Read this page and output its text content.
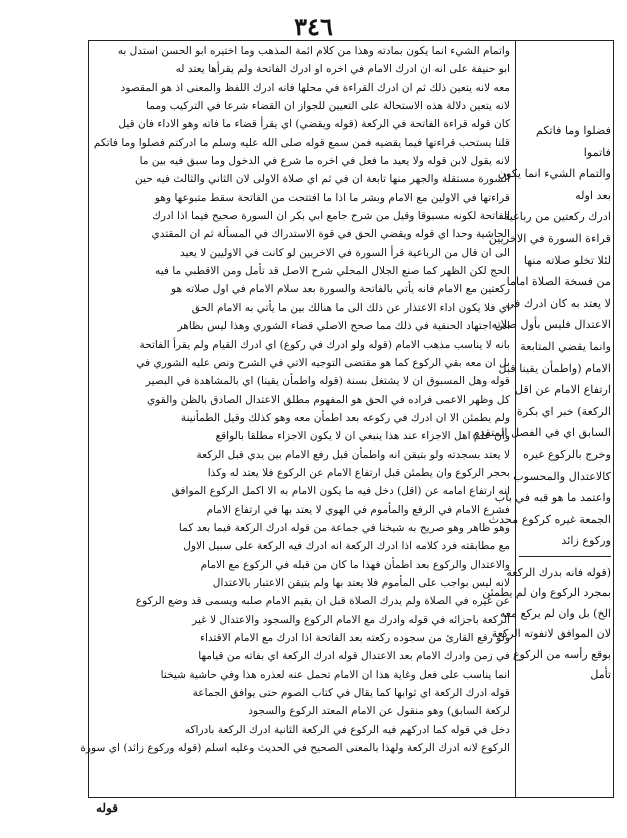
٣٤٦
واتمام الشيء انما يكون بمادته وهذا من كلام ائمة المذهب وما اختيره ابو الحسن استدل به
ابو حنيفة على انه ان ادرك الامام في اخره او ادرك الفاتحة ولم يقرأها يعتد له
معه لانه يتعين ذلك ثم ان ادرك القراءة في محلها فانه ادرك اللفظ والمعنى اذ هو المقصود
لانه يتعين دلالة هذه الاستحالة على التعيين للجواز ان القضاء شرعا في التركيب ومما
كان قوله قراءة الفاتحة في الركعة (قوله ويقضي) اي يقرأ قضاء ما فاته وهو الاداء فان قيل
قلنا يستحب قراءتها فيما يقضيه فمن سمع قوله صلى الله عليه وسلم ما ادركتم فصلوا وما فاتكم
لانه يقول لابن قوله ولا يعيد ما فعل في اخره ما شرع في الدخول وما سبق فيه بين ما
السورة مستقلة والجهر منها تابعة ان في ثم اي صلاة الاولى لان الثاني والثالث فيه حين
قراءتها في الاولين مع الامام وبشر ما اذا ما افتتحت من الفاتحة سقط متبوعها وهو
الفاتحة لكونه مسبوقا وقيل من شرح جامع ابي بكر ان السورة صحيح فيما اذا ادرك
الحاشية وحدا اي قوله ويقضي الحق في قوة الاستدراك في المسألة ثم ان المقتدي
الى ان قال من الرباعية قرأ السورة في الاخريين لو كانت في الاوليين لا يعيد
الحج لكن الظهر كما صنع الجلال المحلي شرح الاصل قد تأمل ومن الاقطبي ما فيه
ركعتين مع الامام فانه يأتي بالفاتحة والسورة بعد سلام الامام في اول صلاته هو
اي فلا يكون اداء الاعتذار عن ذلك الى ما هنالك بين ما يأتي به الامام الحق
الى اجتهاد الحنفية في ذلك مما صحح الاصلي قضاء الشوري وهذا ليس بظاهر
بانه لا يناسب مذهب الامام (قوله ولو ادرك في ركوع) اي ادرك القيام ولم يقرأ الفاتحة
بل ان معه بقي الركوع كما هو مقتضى التوجيه الاتي في الشرح ونص عليه الشوري في
قوله وهل المسبوق ان لا يشتغل بسنة (قوله واطمأن يقينا) اي بالمشاهدة في البصير
كل وظهر الاعمى فراده في الحق هو المفهوم مطلق الاعتدال الصادق بالظن والقوي
ولم يطمئن الا ان ادرك في ركوعه بعد اطمأن معه وهو كذلك وقيل الطمأنينة
وان علم اهل الاجزاء عند هذا ينبغي ان لا يكون الاجزاء مطلقا بالواقع
لا يعتد بسجدته ولو بتيقن انه واطمأن قبل رفع الامام بين يدي قبل الركعة
بحجر الركوع وان يطمئن قبل ارتفاع الامام عن الركوع فلا يعتد له وكذا
انه ارتفاع امامه عن (اقل) دخل فيه ما يكون الامام به الا اكمل الركوع الموافق
فشرع الامام في الرفع والمأموم في الهوي لا يعتد بها في ارتفاع الامام
وهو ظاهر وهو صريح به شيخنا في جماعة من قوله ادرك الركعة فيما بعد كما
مع مطابقته فرد كلامه اذا ادرك الركعة انه ادرك فيه الركعة على سبيل الاول
والاعتدال والركوع بعد اطمأن فهذا ما كان من قبله في الركوع مع الامام
لانه ليس بواجب على المأموم فلا يعتد بها ولم يتيقن الاعتبار بالاعتدال
عن غيره في الصلاة ولم يدرك الصلاة قبل ان يقيم الامام صلبه ويسمى قد وضع الركوع
الركعة باجزائه في قوله وادرك مع الامام الركوع والسجود والاعتدال لا غير
ولو رفع القارئ من سجوده ركعته بعد الفاتحة اذا ادرك مع الامام الاقتداء
في زمن وادرك الامام بعد الاعتدال قوله ادرك الركعة اي بفاته من قيامها
انما يناسب على فعل وغاية هذا ان الامام تحمل عنه لعذره هذا وفي حاشية شيخنا
قوله ادرك الركعة اي ثوابها كما يقال في كتاب الصوم حتى يوافق الجماعة
لركعة السابق) وهو منقول عن الامام المعتد الركوع والسجود
دخل في قوله كما ادركهم فيه الركوع في الركعة الثانية ادرك الركعة بادراكه
الركوع لانه ادرك الركعة ولهذا بالمعنى الصحيح في الحديث وعليه اسلم (قوله وركوع زائد) اي سورة
فضلوا وما فاتكم
فاتموا
والتمام الشيء انما يكون
بعد اوله
ادرك ركعتين من رباعية
قراءة السورة في الاخريين
لئلا تخلو صلاته منها
من فسخة الصلاة اماما
لا يعتد به كان ادرك في
الاعتدال فليس بأول صلاته
وانما يقضي المتابعة
الامام (واطمأن يقينا قبل
ارتفاع الامام عن اقل
الركعة) خبر اي بكرة
السابق اي في الفصل المتقدم
وخرج بالركوع غيره
كالاعتدال والمحسوب
واعتمد ما هو قبه في باب
الجمعة غيره كركوع محدث
وركوع زائد
(قوله فانه بدرك الركعة
بمجرد الركوع وان لم يطمئن
الخ) بل وان لم يركع معه
لان الموافق لاتفوته الركعة
بوقع رأسه من الركوع
تأمل
قوله
